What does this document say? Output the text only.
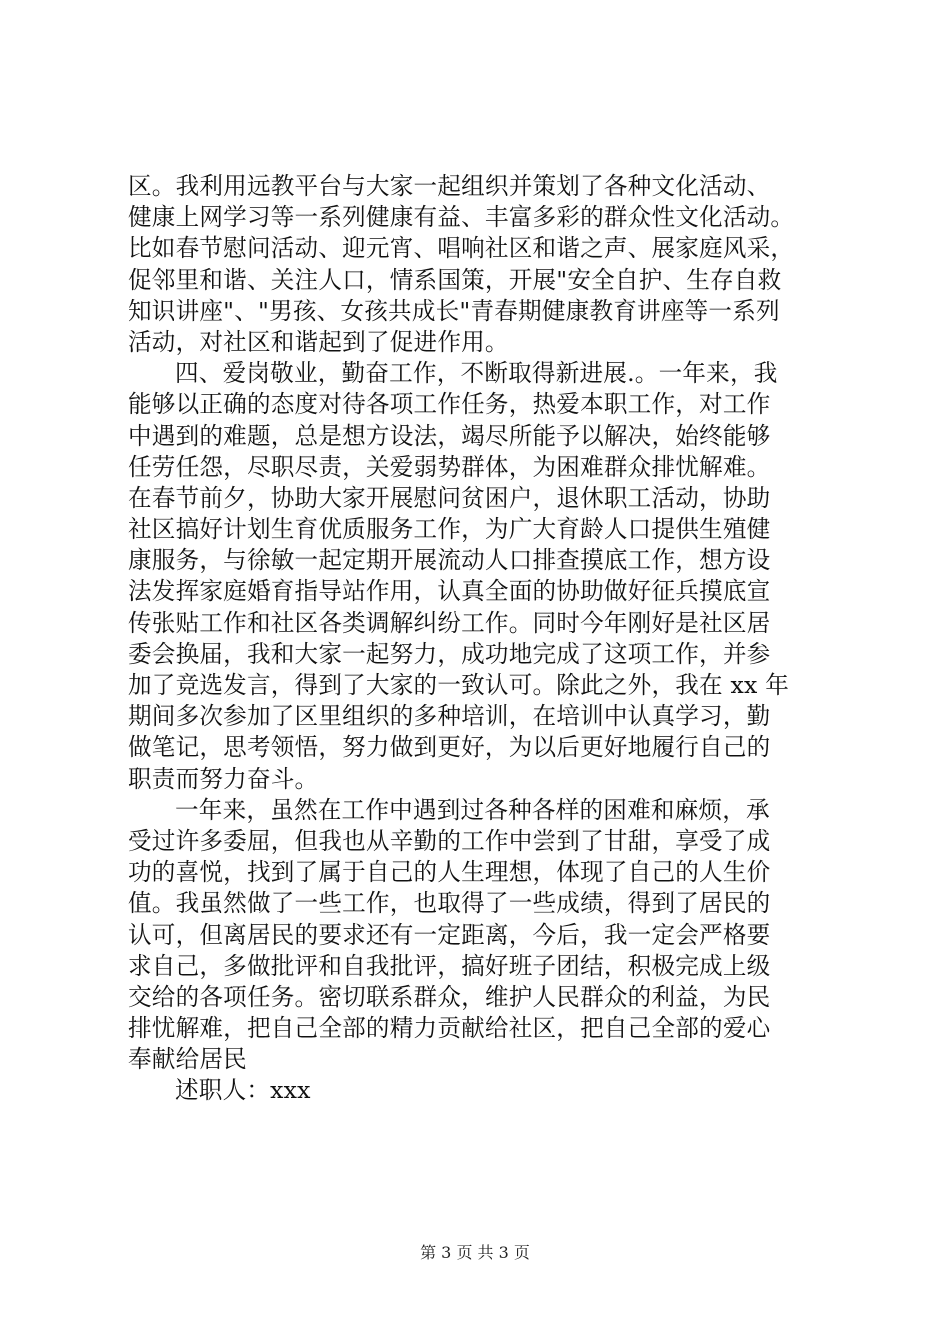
区。我利用远教平台与大家一起组织并策划了各种文化活动、
健康上网学习等一系列健康有益、丰富多彩的群众性文化活动。
比如春节慰问活动、迎元宵、唱响社区和谐之声、展家庭风采，
促邻里和谐、关注人口，情系国策，开展"安全自护、生存自救
知识讲座"、"男孩、女孩共成长"青春期健康教育讲座等一系列
活动，对社区和谐起到了促进作用。
四、爱岗敬业，勤奋工作，不断取得新进展.。一年来，我
能够以正确的态度对待各项工作任务，热爱本职工作，对工作
中遇到的难题，总是想方设法，竭尽所能予以解决，始终能够
任劳任怨，尽职尽责，关爱弱势群体，为困难群众排忧解难。
在春节前夕，协助大家开展慰问贫困户，退休职工活动，协助
社区搞好计划生育优质服务工作，为广大育龄人口提供生殖健
康服务，与徐敏一起定期开展流动人口排查摸底工作，想方设
法发挥家庭婚育指导站作用，认真全面的协助做好征兵摸底宣
传张贴工作和社区各类调解纠纷工作。同时今年刚好是社区居
委会换届，我和大家一起努力，成功地完成了这项工作，并参
加了竞选发言，得到了大家的一致认可。除此之外，我在 xx 年
期间多次参加了区里组织的多种培训，在培训中认真学习，勤
做笔记，思考领悟，努力做到更好，为以后更好地履行自己的
职责而努力奋斗。
一年来，虽然在工作中遇到过各种各样的困难和麻烦，承
受过许多委屈，但我也从辛勤的工作中尝到了甘甜，享受了成
功的喜悦，找到了属于自己的人生理想，体现了自己的人生价
值。我虽然做了一些工作，也取得了一些成绩，得到了居民的
认可，但离居民的要求还有一定距离，今后，我一定会严格要
求自己，多做批评和自我批评，搞好班子团结，积极完成上级
交给的各项任务。密切联系群众，维护人民群众的利益，为民
排忧解难，把自己全部的精力贡献给社区，把自己全部的爱心
奉献给居民
述职人：xxx
第 3 页 共 3 页
